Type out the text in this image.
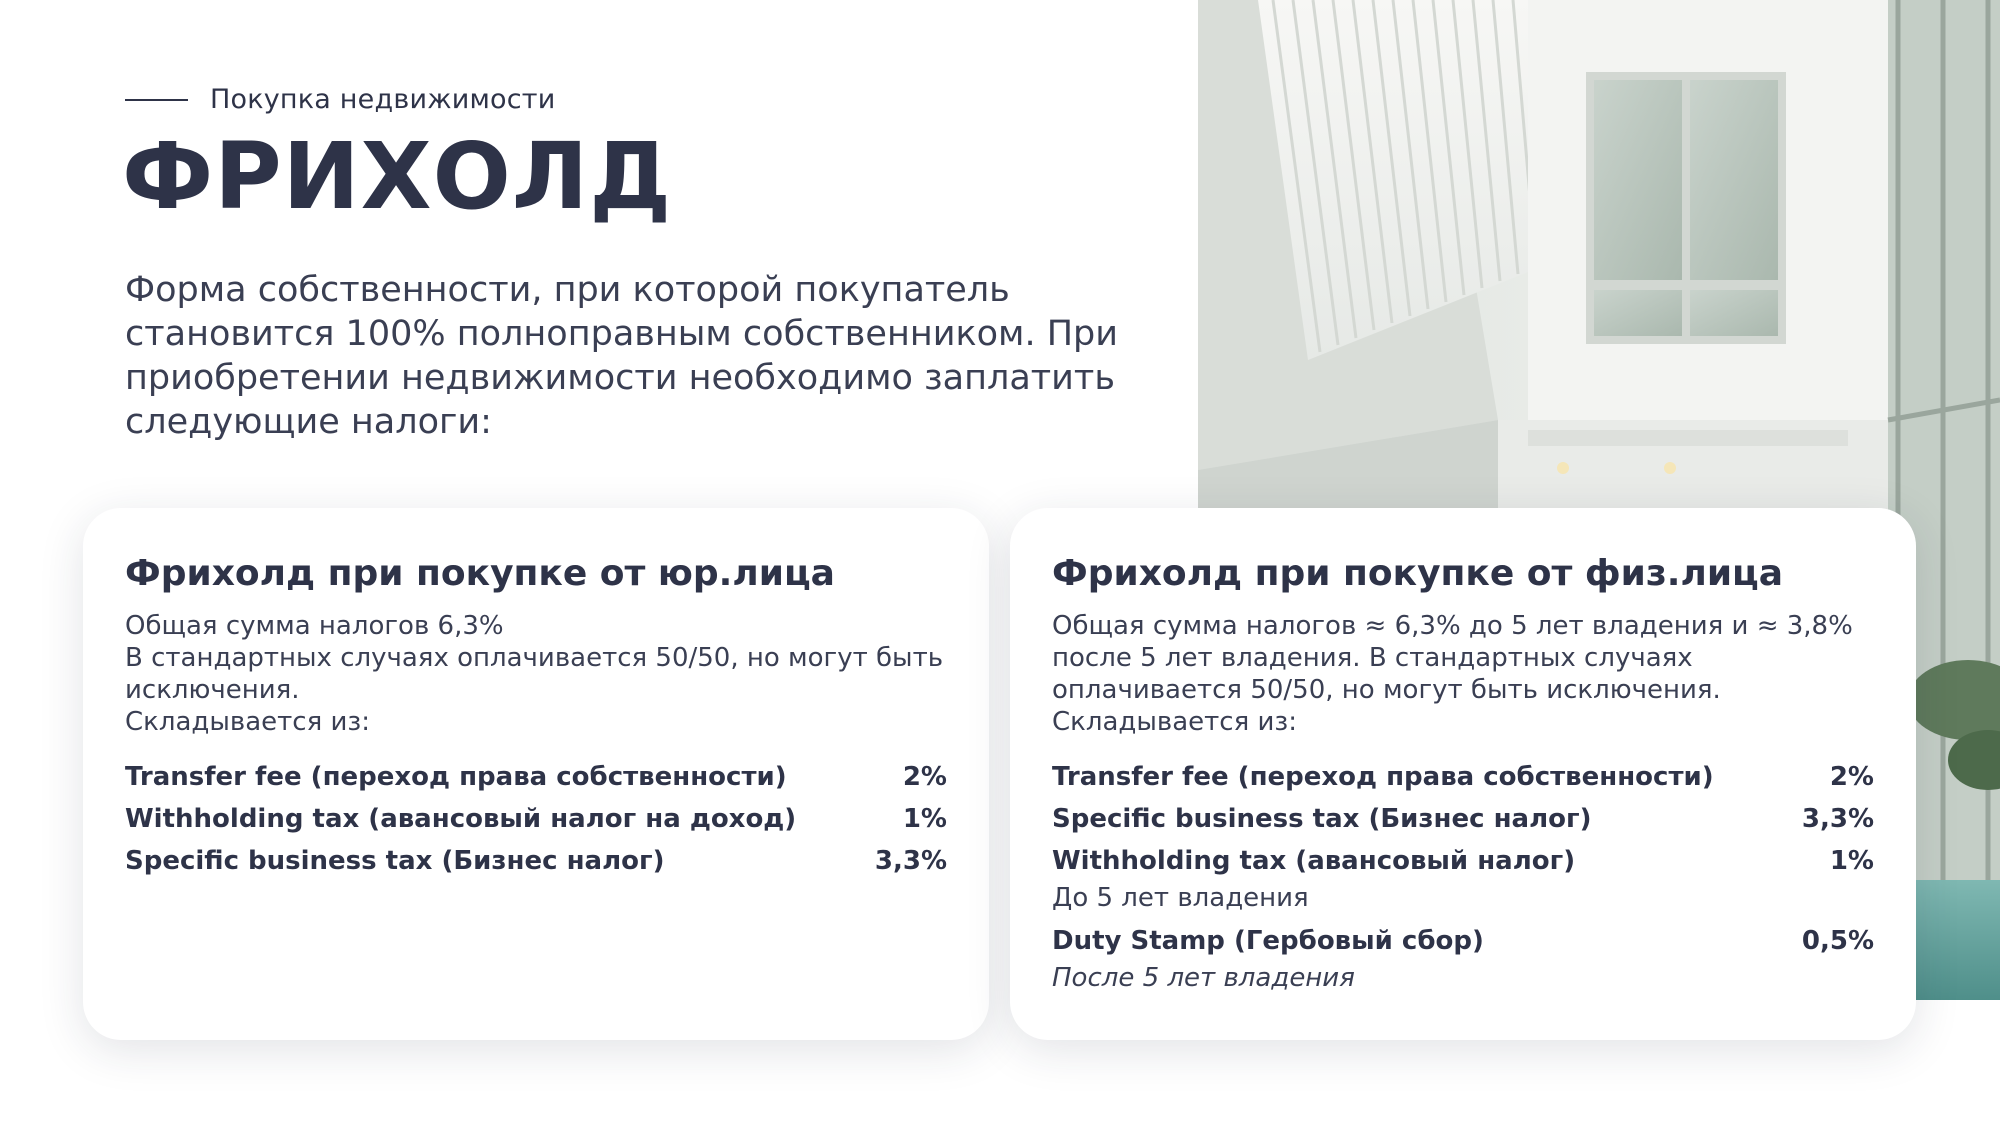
Покупка недвижимости
ФРИХОЛД

Форма собственности, при которой покупатель становится 100% полноправным собственником. При приобретении недвижимости необходимо заплатить следующие налоги:

Фрихолд при покупке от юр.лица

Общая сумма налогов 6,3%
В стандартных случаях оплачивается 50/50, но могут быть исключения.
Складывается из:

Transfer fee (переход права собственности)	2%
Withholding tax (авансовый налог на доход)	1%
Specific business tax (Бизнес налог)	3,3%
Фрихолд при покупке от физ.лица

Общая сумма налогов ≈ 6,3% до 5 лет владения и ≈ 3,8% после 5 лет владения. В стандартных случаях оплачивается 50/50, но могут быть исключения.
Складывается из:

Transfer fee (переход права собственности)	2%
Specific business tax (Бизнес налог)	3,3%
Withholding tax (авансовый налог)	1%

До 5 лет владения

Duty Stamp (Гербовый сбор)	0,5%

После 5 лет владения
